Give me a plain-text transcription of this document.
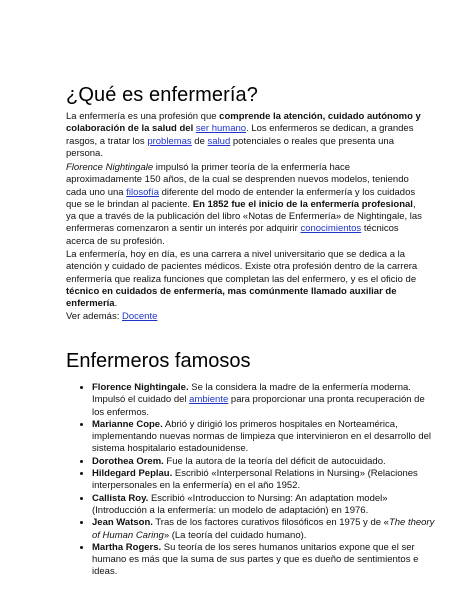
¿Qué es enfermería?

La enfermería es una profesión que comprende la atención, cuidado autónomo y colaboración de la salud del ser humano. Los enfermeros se dedican, a grandes rasgos, a tratar los problemas de salud potenciales o reales que presenta una persona.

Florence Nightingale impulsó la primer teoría de la enfermería hace aproximadamente 150 años, de la cual se desprenden nuevos modelos, teniendo cada uno una filosofía diferente del modo de entender la enfermería y los cuidados que se le brindan al paciente. En 1852 fue el inicio de la enfermería profesional, ya que a través de la publicación del libro «Notas de Enfermería» de Nightingale, las enfermeras comenzaron a sentir un interés por adquirir conocimientos técnicos acerca de su profesión.

La enfermería, hoy en día, es una carrera a nivel universitario que se dedica a la atención y cuidado de pacientes médicos. Existe otra profesión dentro de la carrera enfermería que realiza funciones que completan las del enfermero, y es el oficio de técnico en cuidados de enfermería, mas comúnmente llamado auxiliar de enfermería.

Ver además: Docente

Enfermeros famosos
• Florence Nightingale. Se la considera la madre de la enfermería moderna. Impulsó el cuidado del ambiente para proporcionar una pronta recuperación de los enfermos.
• Marianne Cope. Abrió y dirigió los primeros hospitales en Norteamérica, implementando nuevas normas de limpieza que intervinieron en el desarrollo del sistema hospitalario estadounidense.
• Dorothea Orem. Fue la autora de la teoría del déficit de autocuidado.
• Hildegard Peplau. Escribió «Interpersonal Relations in Nursing» (Relaciones interpersonales en la enfermería) en el año 1952.
• Callista Roy. Escribió «Introduccion to Nursing: An adaptation model» (Introducción a la enfermería: un modelo de adaptación) en 1976.
• Jean Watson. Tras de los factores curativos filosóficos en 1975 y de «The theory of Human Caring» (La teoría del cuidado humano).
• Martha Rogers. Su teoría de los seres humanos unitarios expone que el ser humano es más que la suma de sus partes y que es dueño de sentimientos e ideas.
